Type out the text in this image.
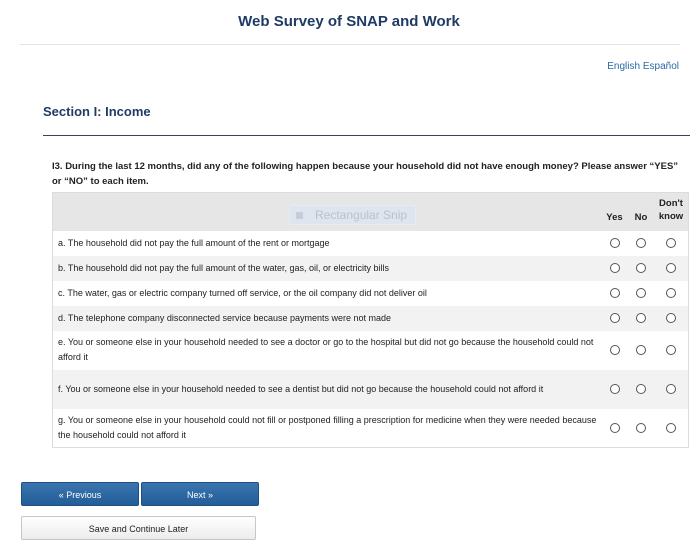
Web Survey of SNAP and Work
English Español
Section I: Income
I3. During the last 12 months, did any of the following happen because your household did not have enough money? Please answer “YES” or “NO” to each item.
Rectangular Snip	Yes	No	Don't
know
a. The household did not pay the full amount of the rent or mortgage			
b. The household did not pay the full amount of the water, gas, oil, or electricity bills			
c. The water, gas or electric company turned off service, or the oil company did not deliver oil			
d. The telephone company disconnected service because payments were not made			
e. You or someone else in your household needed to see a doctor or go to the hospital but did not go because the household could not afford it			
f. You or someone else in your household needed to see a dentist but did not go because the household could not afford it			
g. You or someone else in your household could not fill or postponed filling a prescription for medicine when they were needed because the household could not afford it			
« Previous	Next »
Save and Continue Later
